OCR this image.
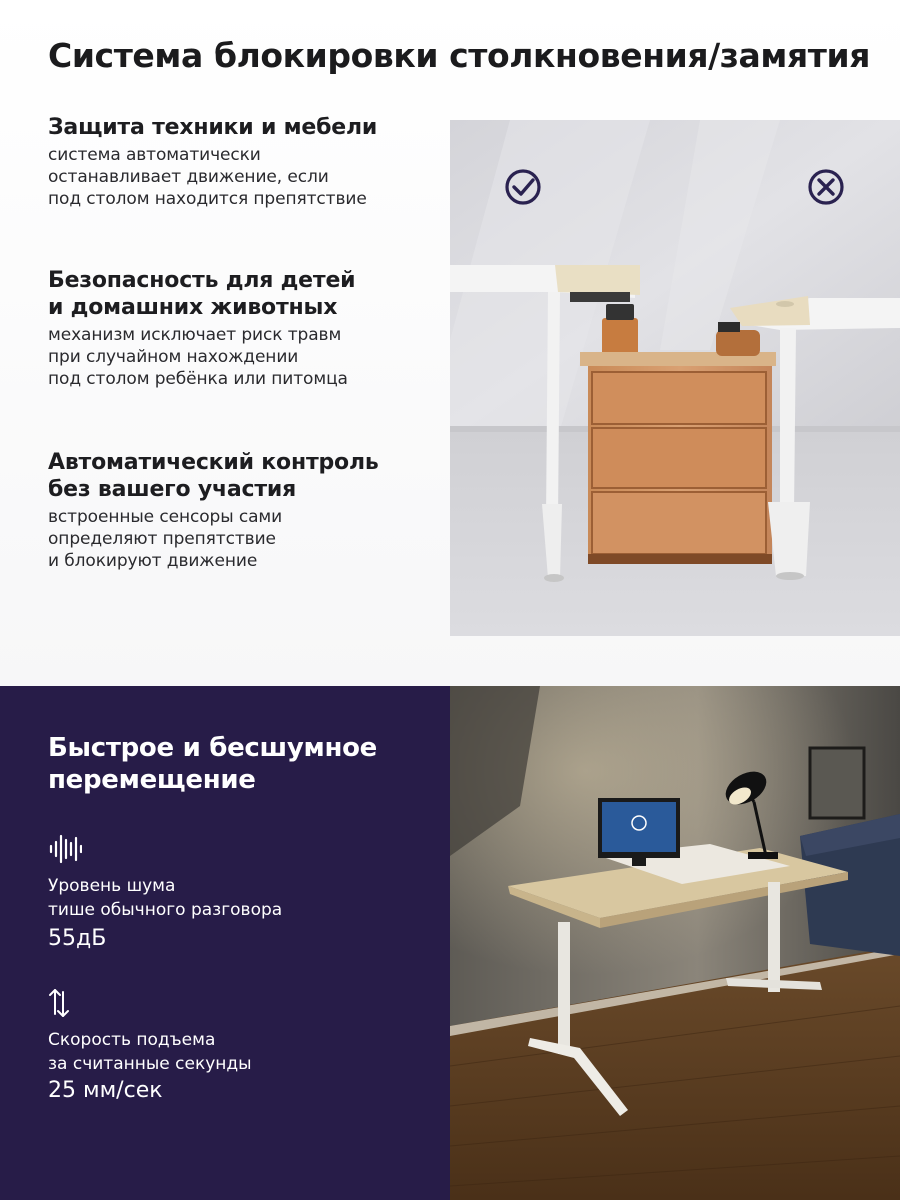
Система блокировки столкновения/замятия
Защита техники и мебели

система автоматически
останавливает движение, если
под столом находится препятствие

Безопасность для детей
и домашних животных

механизм исключает риск травм
при случайном нахождении
под столом ребёнка или питомца

Автоматический контроль
без вашего участия

встроенные сенсоры сами
определяют препятствие
и блокируют движение

Быстрое и бесшумное
перемещение
Уровень шума
тише обычного разговора
55дБ
Скорость подъема
за считанные секунды
25 мм/сек
